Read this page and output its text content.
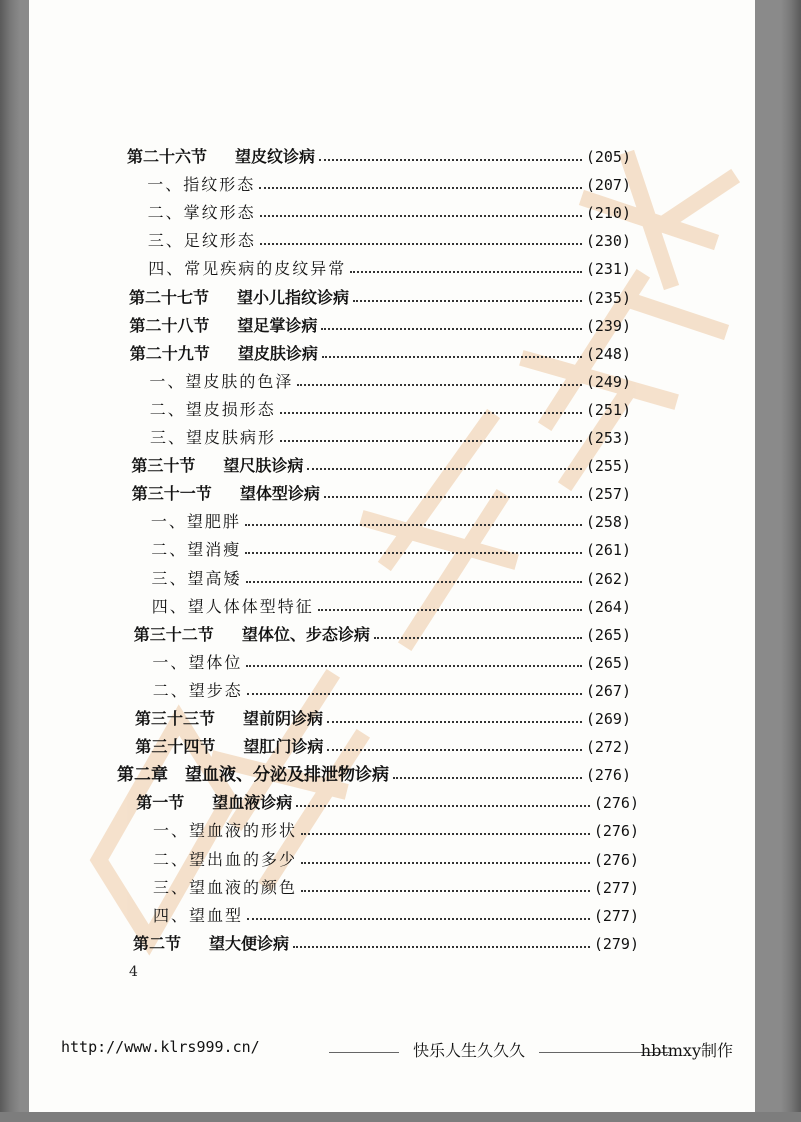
第二十六节 望皮纹诊病	(205)
一、指纹形态	(207)
二、掌纹形态	(210)
三、足纹形态	(230)
四、常见疾病的皮纹异常	(231)
第二十七节 望小儿指纹诊病	(235)
第二十八节 望足掌诊病	(239)
第二十九节 望皮肤诊病	(248)
一、望皮肤的色泽	(249)
二、望皮损形态	(251)
三、望皮肤病形	(253)
第三十节 望尺肤诊病	(255)
第三十一节 望体型诊病	(257)
一、望肥胖	(258)
二、望消瘦	(261)
三、望高矮	(262)
四、望人体体型特征	(264)
第三十二节 望体位、步态诊病	(265)
一、望体位	(265)
二、望步态	(267)
第三十三节 望前阴诊病	(269)
第三十四节 望肛门诊病	(272)
第二章　望血液、分泌及排泄物诊病	(276)
第一节 望血液诊病	(276)
一、望血液的形状	(276)
二、望出血的多少	(276)
三、望血液的颜色	(277)
四、望血型	(277)
第二节 望大便诊病	(279)
4
http://www.klrs999.cn/	快乐人生久久久	hbtmxy制作
